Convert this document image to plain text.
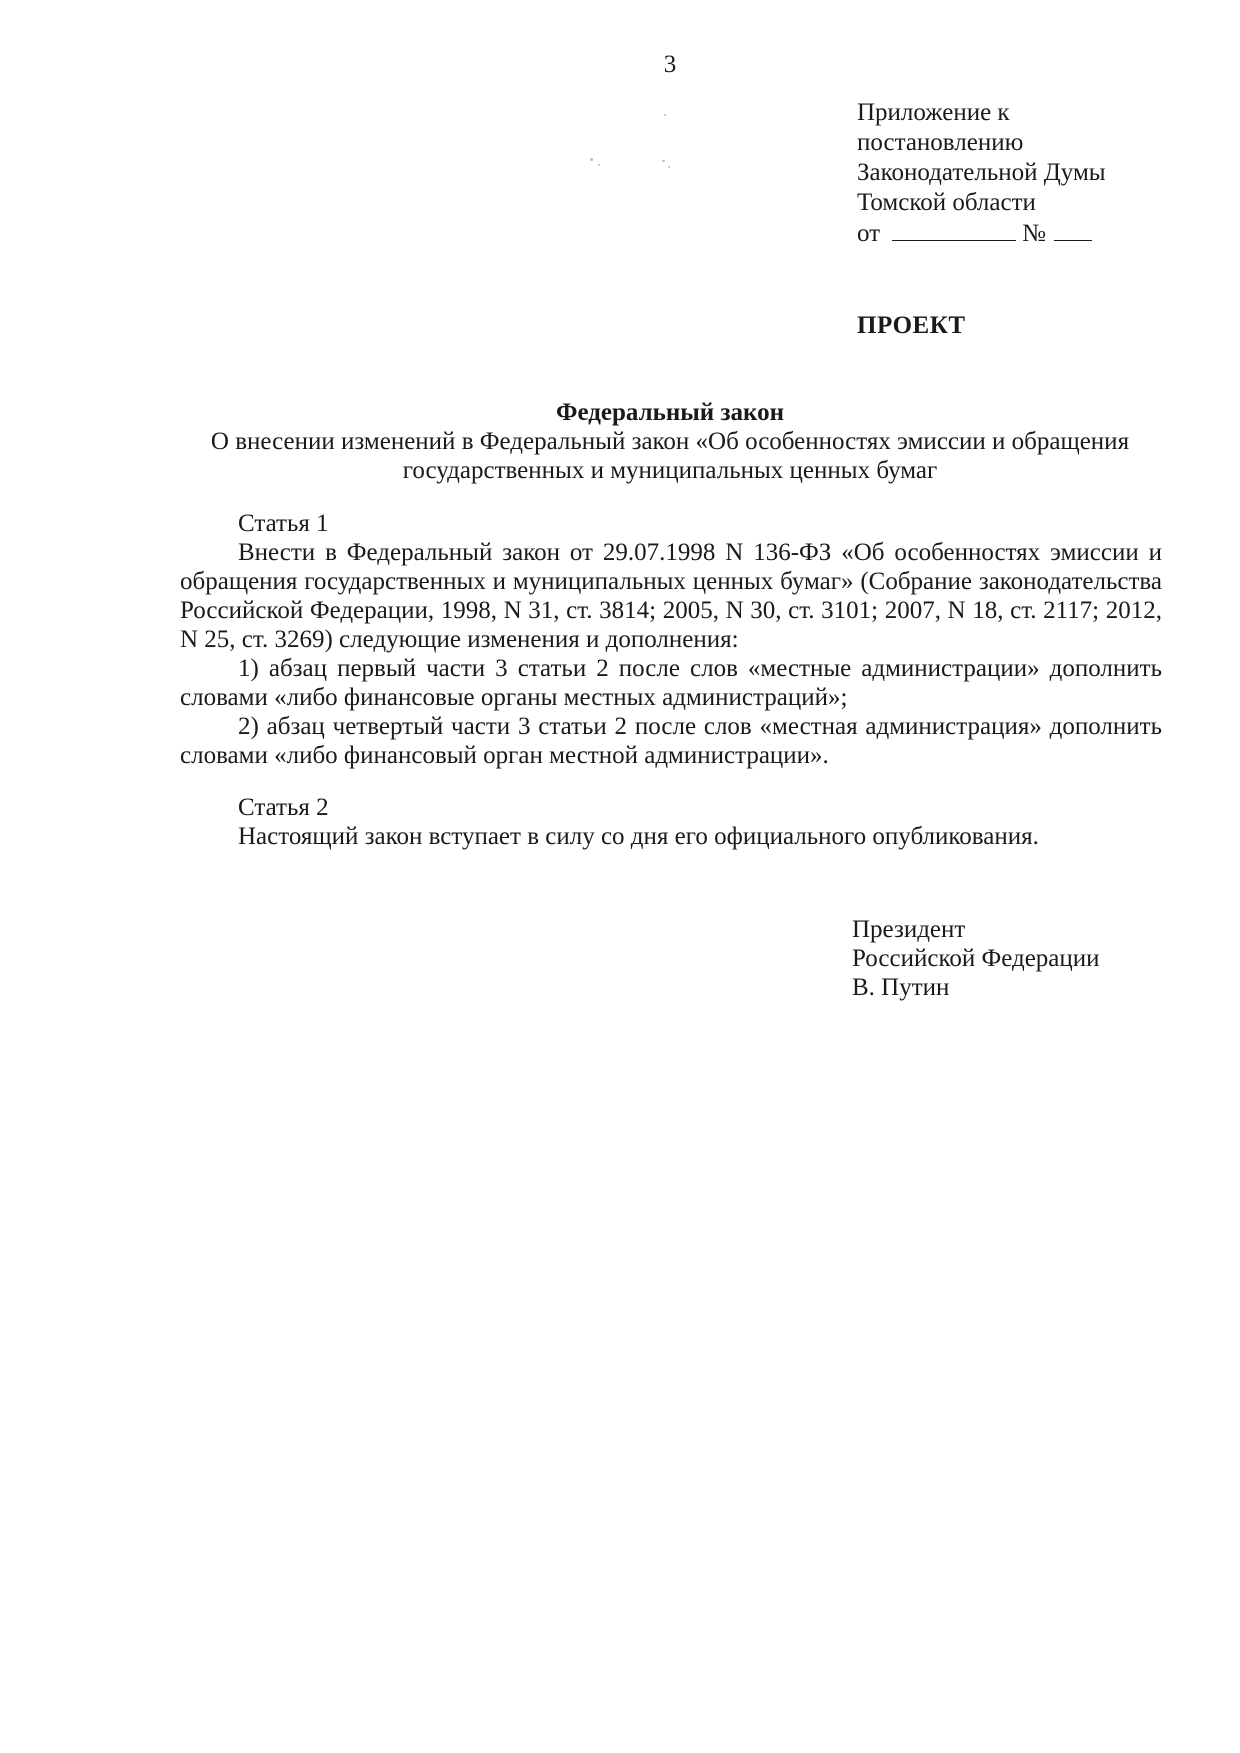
3
Приложение к
постановлению
Законодательной Думы
Томской области
от	№
ПРОЕКТ
Федеральный закон
О внесении изменений в Федеральный закон «Об особенностях эмиссии и обращения
государственных и муниципальных ценных бумаг
Статья 1
Внести в Федеральный закон от 29.07.1998 N 136-ФЗ «Об особенностях эмиссии и обращения государственных и муниципальных ценных бумаг» (Собрание законодательства Российской Федерации, 1998, N 31, ст. 3814; 2005, N 30, ст. 3101; 2007, N 18, ст. 2117; 2012, N 25, ст. 3269) следующие изменения и дополнения:
1) абзац первый части 3 статьи 2 после слов «местные администрации» дополнить словами «либо финансовые органы местных администраций»;
2) абзац четвертый части 3 статьи 2 после слов «местная администрация» дополнить словами «либо финансовый орган местной администрации».
Статья 2
Настоящий закон вступает в силу со дня его официального опубликования.
Президент
Российской Федерации
В. Путин
